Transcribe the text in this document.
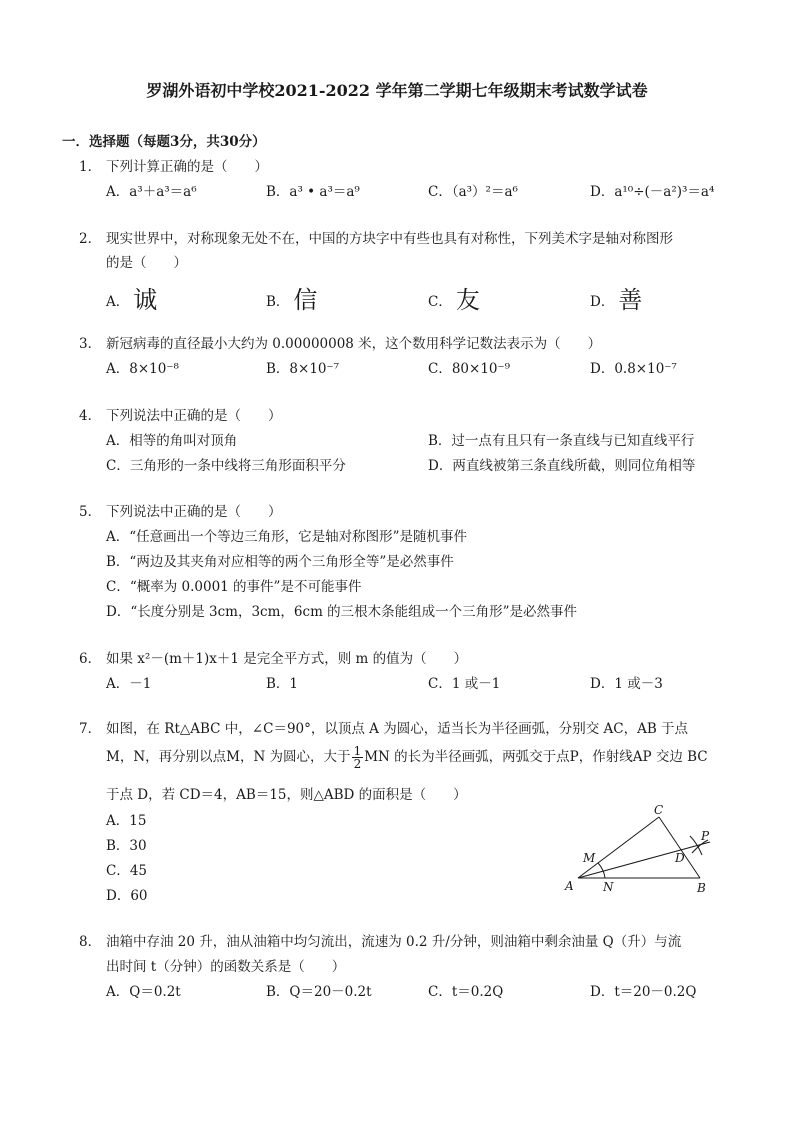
罗湖外语初中学校2021-2022 学年第二学期七年级期末考试数学试卷
一．选择题（每题3分，共30分）
1． 下列计算正确的是（　　）
A．a³＋a³＝a⁶	B．a³ • a³＝a⁹	C．（a³）²＝a⁶	D．a¹⁰÷(－a²)³＝a⁴
2． 现实世界中，对称现象无处不在，中国的方块字中有些也具有对称性，下列美术字是轴对称图形
的是（　　）
A． 诚	B． 信	C． 友	D． 善
3． 新冠病毒的直径最小大约为 0.00000008 米，这个数用科学记数法表示为（　　）
A．8×10⁻⁸	B．8×10⁻⁷	C．80×10⁻⁹	D．0.8×10⁻⁷
4． 下列说法中正确的是（　　）
A．相等的角叫对顶角	B．过一点有且只有一条直线与已知直线平行
C．三角形的一条中线将三角形面积平分	D．两直线被第三条直线所截，则同位角相等
5． 下列说法中正确的是（　　）
A．“任意画出一个等边三角形，它是轴对称图形”是随机事件
B．“两边及其夹角对应相等的两个三角形全等”是必然事件
C．“概率为 0.0001 的事件”是不可能事件
D．“长度分别是 3cm，3cm，6cm 的三根木条能组成一个三角形”是必然事件
6． 如果 x²－(m＋1)x＋1 是完全平方式，则 m 的值为（　　）
A．－1	B．1	C．1 或－1	D．1 或－3
7． 如图，在 Rt△ABC 中，∠C＝90°，以顶点 A 为圆心，适当长为半径画弧，分别交 AC，AB 于点
M，N，再分别以点M，N 为圆心，大于 $\frac{1}{2}$ MN 的长为半径画弧，两弧交于点P，作射线AP 交边 BC
于点 D，若 CD＝4，AB＝15，则△ABD 的面积是（　　）
A．15
B．30
C．45
D．60
A	B
C
D
M
N
P
8． 油箱中存油 20 升，油从油箱中均匀流出，流速为 0.2 升/分钟，则油箱中剩余油量 Q（升）与流
出时间 t（分钟）的函数关系是（　　）
A．Q＝0.2t	B．Q＝20－0.2t	C．t＝0.2Q	D．t＝20－0.2Q
